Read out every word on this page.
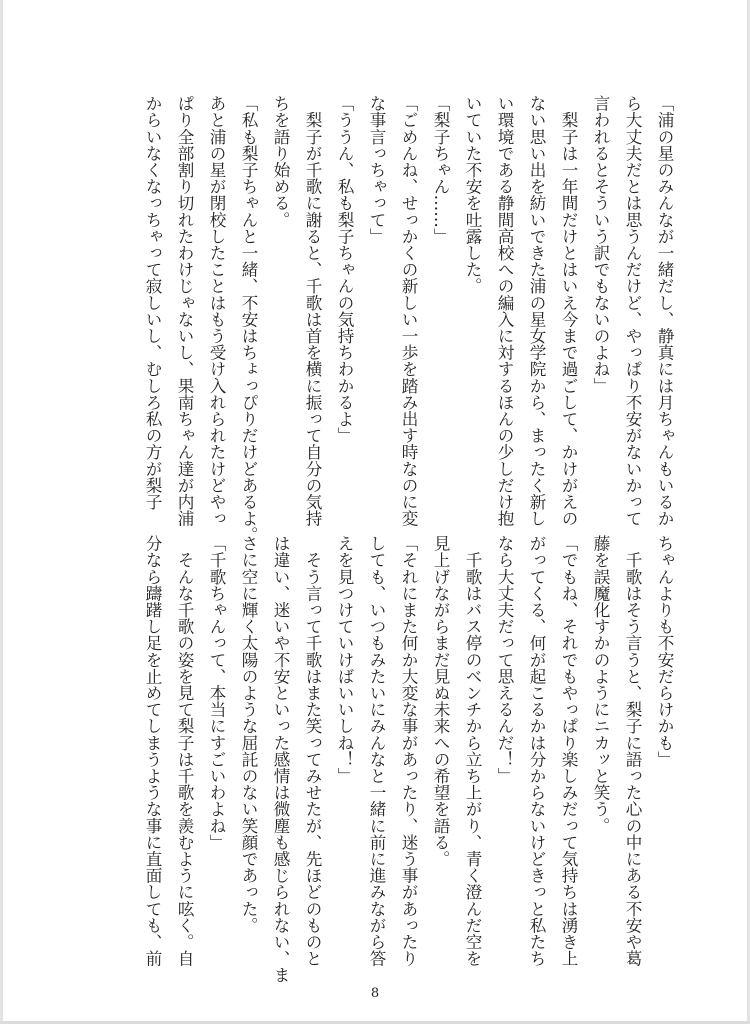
「浦の星のみんなが一緒だし、静真には月ちゃんもいるか
ら大丈夫だとは思うんだけど、やっぱり不安がないかって
言われるとそういう訳でもないのよね」
　梨子は一年間だけとはいえ今まで過ごして、かけがえの
ない思い出を紡いできた浦の星女学院から、まったく新し
い環境である静間高校への編入に対するほんの少しだけ抱
いていた不安を吐露した。
「梨子ちゃん……」
「ごめんね、せっかくの新しい一歩を踏み出す時なのに変
な事言っちゃって」
「ううん、私も梨子ちゃんの気持ちわかるよ」
　梨子が千歌に謝ると、千歌は首を横に振って自分の気持
ちを語り始める。
「私も梨子ちゃんと一緒、不安はちょっぴりだけどあるよ。
あと浦の星が閉校したことはもう受け入れられたけどやっ
ぱり全部割り切れたわけじゃないし、果南ちゃん達が内浦
からいなくなっちゃって寂しいし、むしろ私の方が梨子
ちゃんよりも不安だらけかも」
　千歌はそう言うと、梨子に語った心の中にある不安や葛
藤を誤魔化すかのようにニカッと笑う。
「でもね、それでもやっぱり楽しみだって気持ちは湧き上
がってくる、何が起こるかは分からないけどきっと私たち
なら大丈夫だって思えるんだ！」
　千歌はバス停のベンチから立ち上がり、青く澄んだ空を
見上げながらまだ見ぬ未来への希望を語る。
「それにまた何か大変な事があったり、迷う事があったり
しても、いつもみたいにみんなと一緒に前に進みながら答
えを見つけていけばいいしね！」
　そう言って千歌はまた笑ってみせたが、先ほどのものと
は違い、迷いや不安といった感情は微塵も感じられない、ま
さに空に輝く太陽のような屈託のない笑顔であった。
「千歌ちゃんって、本当にすごいわよね」
　そんな千歌の姿を見て梨子は千歌を羨むように呟く。自
分なら躊躇し足を止めてしまうような事に直面しても、前
8
